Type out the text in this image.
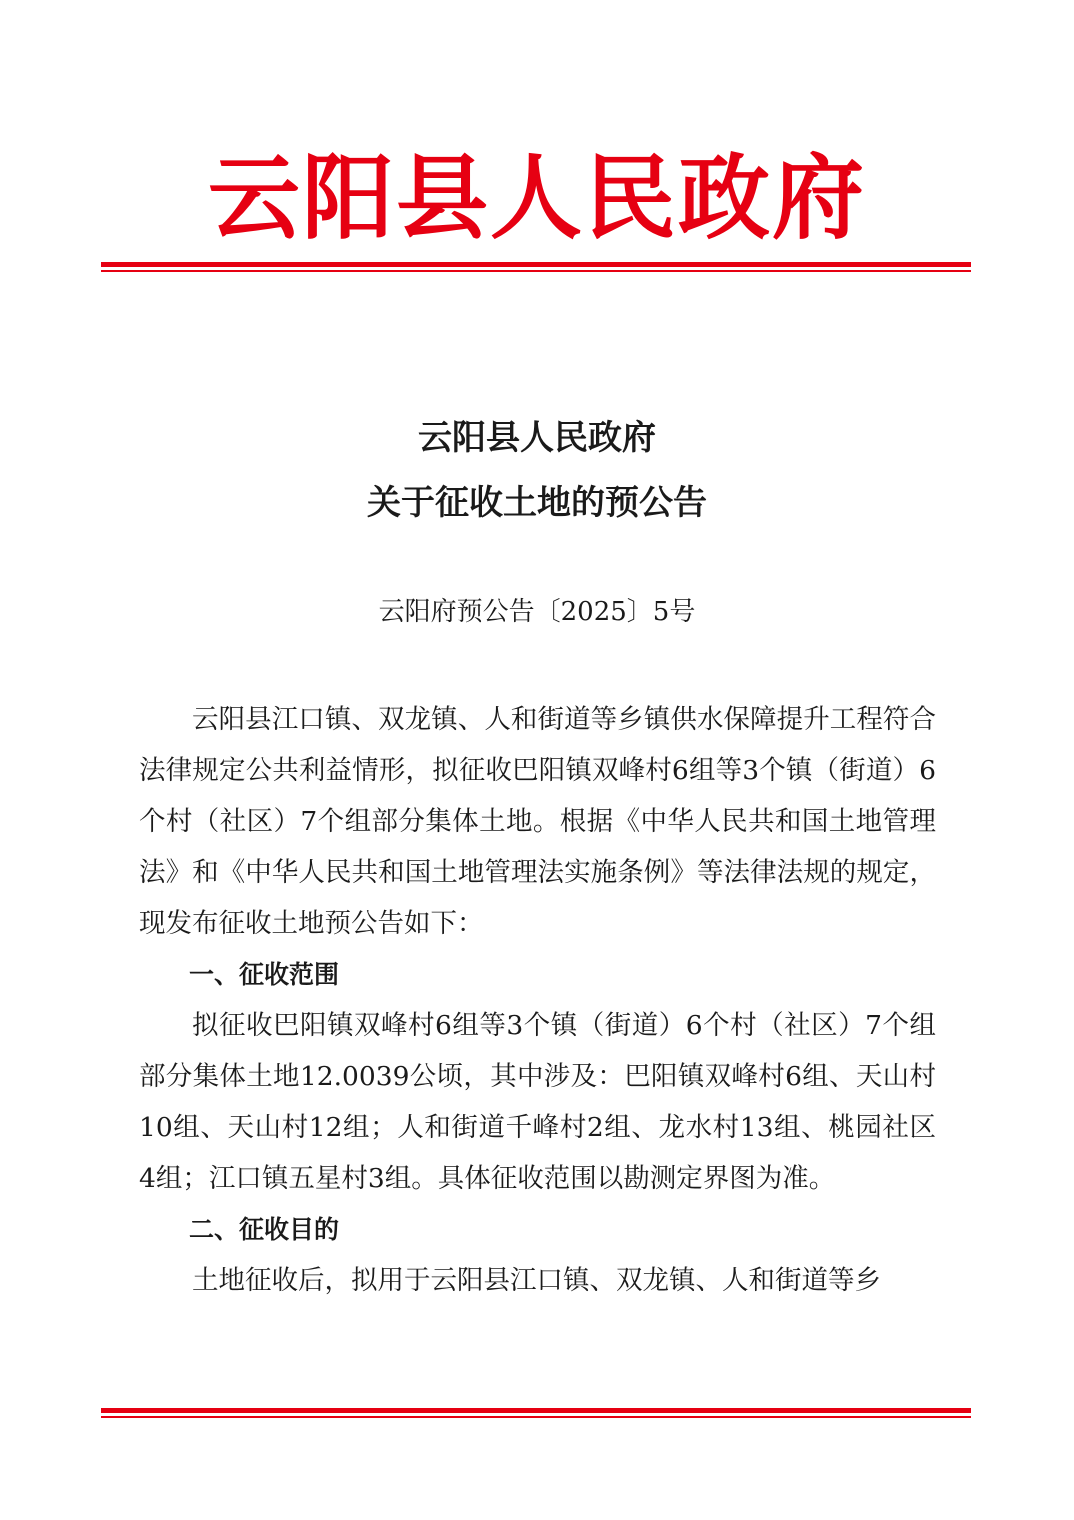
云阳县人民政府
云阳县人民政府
关于征收土地的预公告
云阳府预公告〔2025〕5号

云阳县江口镇、双龙镇、人和街道等乡镇供水保障提升工程符合法律规定公共利益情形，拟征收巴阳镇双峰村6组等3个镇（街道）6个村（社区）7个组部分集体土地。根据《中华人民共和国土地管理法》和《中华人民共和国土地管理法实施条例》等法律法规的规定，现发布征收土地预公告如下：

一、征收范围

拟征收巴阳镇双峰村6组等3个镇（街道）6个村（社区）7个组部分集体土地12.0039公顷，其中涉及：巴阳镇双峰村6组、天山村10组、天山村12组；人和街道千峰村2组、龙水村13组、桃园社区4组；江口镇五星村3组。具体征收范围以勘测定界图为准。

二、征收目的

土地征收后，拟用于云阳县江口镇、双龙镇、人和街道等乡
